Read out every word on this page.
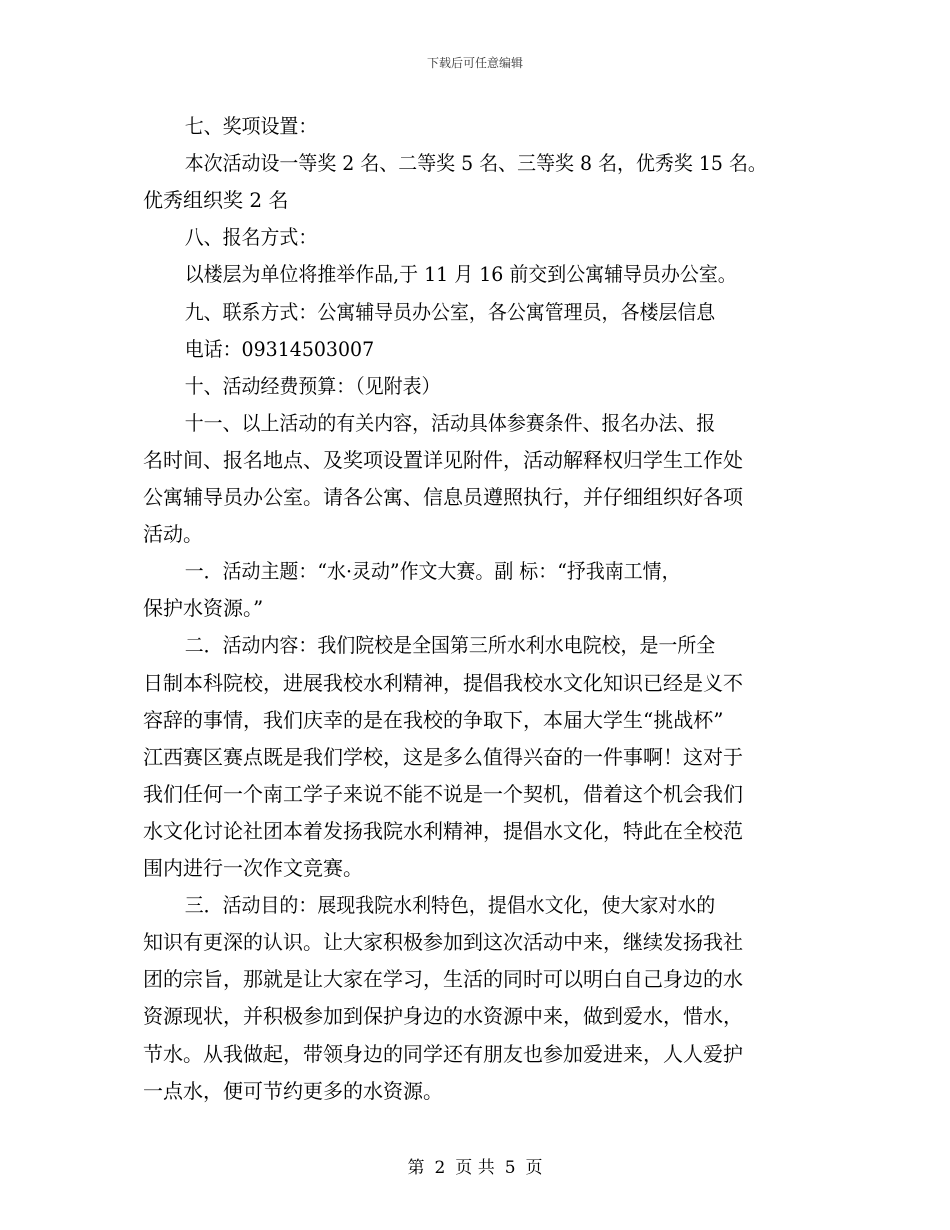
下载后可任意编辑
七、奖项设置：
本次活动设一等奖 2 名、二等奖 5 名、三等奖 8 名，优秀奖 15 名。
优秀组织奖 2 名
八、报名方式：
以楼层为单位将推举作品,于 11 月 16 前交到公寓辅导员办公室。
九、联系方式：公寓辅导员办公室，各公寓管理员，各楼层信息
电话：09314503007
十、活动经费预算：（见附表）
十一、以上活动的有关内容，活动具体参赛条件、报名办法、报
名时间、报名地点、及奖项设置详见附件，活动解释权归学生工作处
公寓辅导员办公室。请各公寓、信息员遵照执行，并仔细组织好各项
活动。
一．活动主题：“水·灵动”作文大赛。副 标：“抒我南工情，
保护水资源。”
二．活动内容：我们院校是全国第三所水利水电院校，是一所全
日制本科院校，进展我校水利精神，提倡我校水文化知识已经是义不
容辞的事情，我们庆幸的是在我校的争取下，本届大学生“挑战杯”
江西赛区赛点既是我们学校，这是多么值得兴奋的一件事啊！这对于
我们任何一个南工学子来说不能不说是一个契机，借着这个机会我们
水文化讨论社团本着发扬我院水利精神，提倡水文化，特此在全校范
围内进行一次作文竞赛。
三．活动目的：展现我院水利特色，提倡水文化，使大家对水的
知识有更深的认识。让大家积极参加到这次活动中来，继续发扬我社
团的宗旨，那就是让大家在学习，生活的同时可以明白自己身边的水
资源现状，并积极参加到保护身边的水资源中来，做到爱水，惜水，
节水。从我做起，带领身边的同学还有朋友也参加爱进来，人人爱护
一点水，便可节约更多的水资源。
第 2 页 共 5 页
